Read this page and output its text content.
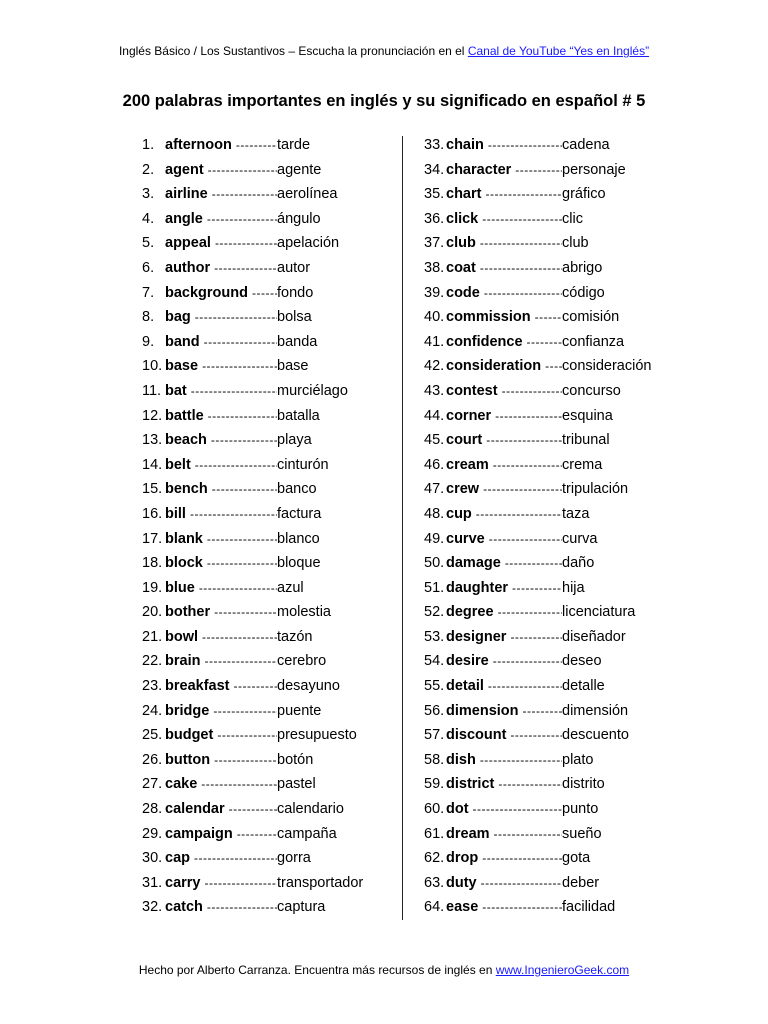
Inglés Básico / Los Sustantivos – Escucha la pronunciación en el Canal de YouTube “Yes en Inglés”
200 palabras importantes en inglés y su significado en español # 5
1. afternoon -----	tarde
2. agent -----	agente
3. airline -----	aerolínea
4. angle -----	ángulo
5. appeal -----	apelación
6. author -----	autor
7. background ----- fondo
8. bag -----	bolsa
9. band -----	banda
10. base -----	base
11. bat -----	murciélago
12. battle -----	batalla
13. beach -----	playa
14. belt -----	cinturón
15. bench -----	banco
16. bill -----	factura
17. blank -----	blanco
18. block -----	bloque
19. blue -----	azul
20. bother -----	molestia
21. bowl -----	tazón
22. brain -----	cerebro
23. breakfast -----	desayuno
24. bridge -----	puente
25. budget -----	presupuesto
26. button -----	botón
27. cake -----	pastel
28. calendar -----	calendario
29. campaign -----	campaña
30. cap -----	gorra
31. carry -----	transportador
32. catch -----	captura
33. chain -----	cadena
34. character -----	personaje
35. chart -----	gráfico
36. click -----	clic
37. club -----	club
38. coat -----	abrigo
39. code -----	código
40. commission ----- comisión
41. confidence -----	confianza
42. consideration ----- consideración
43. contest -----	concurso
44. corner -----	esquina
45. court -----	tribunal
46. cream -----	crema
47. crew -----	tripulación
48. cup -----	taza
49. curve -----	curva
50. damage -----	daño
51. daughter -----	hija
52. degree -----	licenciatura
53. designer -----	diseñador
54. desire -----	deseo
55. detail -----	detalle
56. dimension -----	dimensión
57. discount -----	descuento
58. dish -----	plato
59. district -----	distrito
60. dot -----	punto
61. dream -----	sueño
62. drop -----	gota
63. duty -----	deber
64. ease -----	facilidad
Hecho por Alberto Carranza. Encuentra más recursos de inglés en www.IngenieroGeek.com
